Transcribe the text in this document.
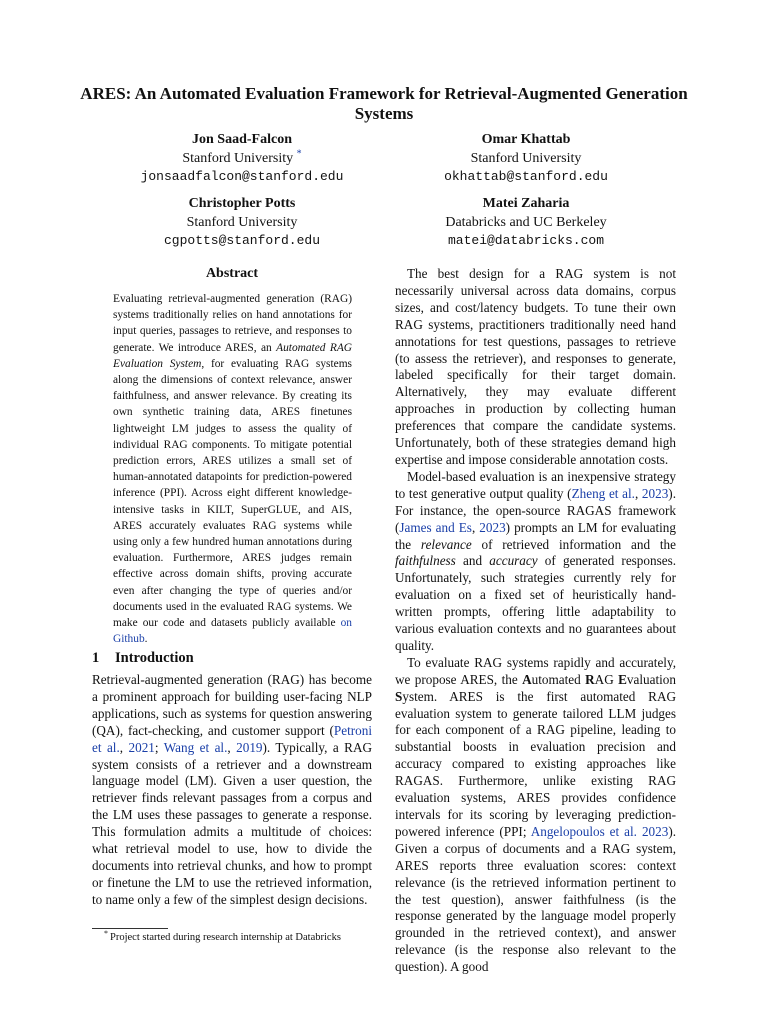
ARES: An Automated Evaluation Framework for Retrieval-Augmented Generation Systems
Jon Saad-Falcon
Stanford University *
jonsaadfalcon@stanford.edu
Omar Khattab
Stanford University
okhattab@stanford.edu
Christopher Potts
Stanford University
cgpotts@stanford.edu
Matei Zaharia
Databricks and UC Berkeley
matei@databricks.com
Abstract

Evaluating retrieval-augmented generation (RAG) systems traditionally relies on hand annotations for input queries, passages to retrieve, and responses to generate. We introduce ARES, an Automated RAG Evaluation System, for evaluating RAG systems along the dimensions of context relevance, answer faithfulness, and answer relevance. By creating its own synthetic training data, ARES finetunes lightweight LM judges to assess the quality of individual RAG components. To mitigate potential prediction errors, ARES utilizes a small set of human-annotated datapoints for prediction-powered inference (PPI). Across eight different knowledge-intensive tasks in KILT, SuperGLUE, and AIS, ARES accurately evaluates RAG systems while using only a few hundred human annotations during evaluation. Furthermore, ARES judges remain effective across domain shifts, proving accurate even after changing the type of queries and/or documents used in the evaluated RAG systems. We make our code and datasets publicly available on Github.

1 Introduction

Retrieval-augmented generation (RAG) has become a prominent approach for building user-facing NLP applications, such as systems for question answering (QA), fact-checking, and customer support (Petroni et al., 2021; Wang et al., 2019). Typically, a RAG system consists of a retriever and a downstream language model (LM). Given a user question, the retriever finds relevant passages from a corpus and the LM uses these passages to generate a response. This formulation admits a multitude of choices: what retrieval model to use, how to divide the documents into retrieval chunks, and how to prompt or finetune the LM to use the retrieved information, to name only a few of the simplest design decisions.

The best design for a RAG system is not necessarily universal across data domains, corpus sizes, and cost/latency budgets. To tune their own RAG systems, practitioners traditionally need hand annotations for test questions, passages to retrieve (to assess the retriever), and responses to generate, labeled specifically for their target domain. Alternatively, they may evaluate different approaches in production by collecting human preferences that compare the candidate systems. Unfortunately, both of these strategies demand high expertise and impose considerable annotation costs.

Model-based evaluation is an inexpensive strategy to test generative output quality (Zheng et al., 2023). For instance, the open-source RAGAS framework (James and Es, 2023) prompts an LM for evaluating the relevance of retrieved information and the faithfulness and accuracy of generated responses. Unfortunately, such strategies currently rely for evaluation on a fixed set of heuristically hand-written prompts, offering little adaptability to various evaluation contexts and no guarantees about quality.

To evaluate RAG systems rapidly and accurately, we propose ARES, the Automated RAG Evaluation System. ARES is the first automated RAG evaluation system to generate tailored LLM judges for each component of a RAG pipeline, leading to substantial boosts in evaluation precision and accuracy compared to existing approaches like RAGAS. Furthermore, unlike existing RAG evaluation systems, ARES provides confidence intervals for its scoring by leveraging prediction-powered inference (PPI; Angelopoulos et al. 2023). Given a corpus of documents and a RAG system, ARES reports three evaluation scores: context relevance (is the retrieved information pertinent to the test question), answer faithfulness (is the response generated by the language model properly grounded in the retrieved context), and answer relevance (is the response also relevant to the question). A good

* Project started during research internship at Databricks
